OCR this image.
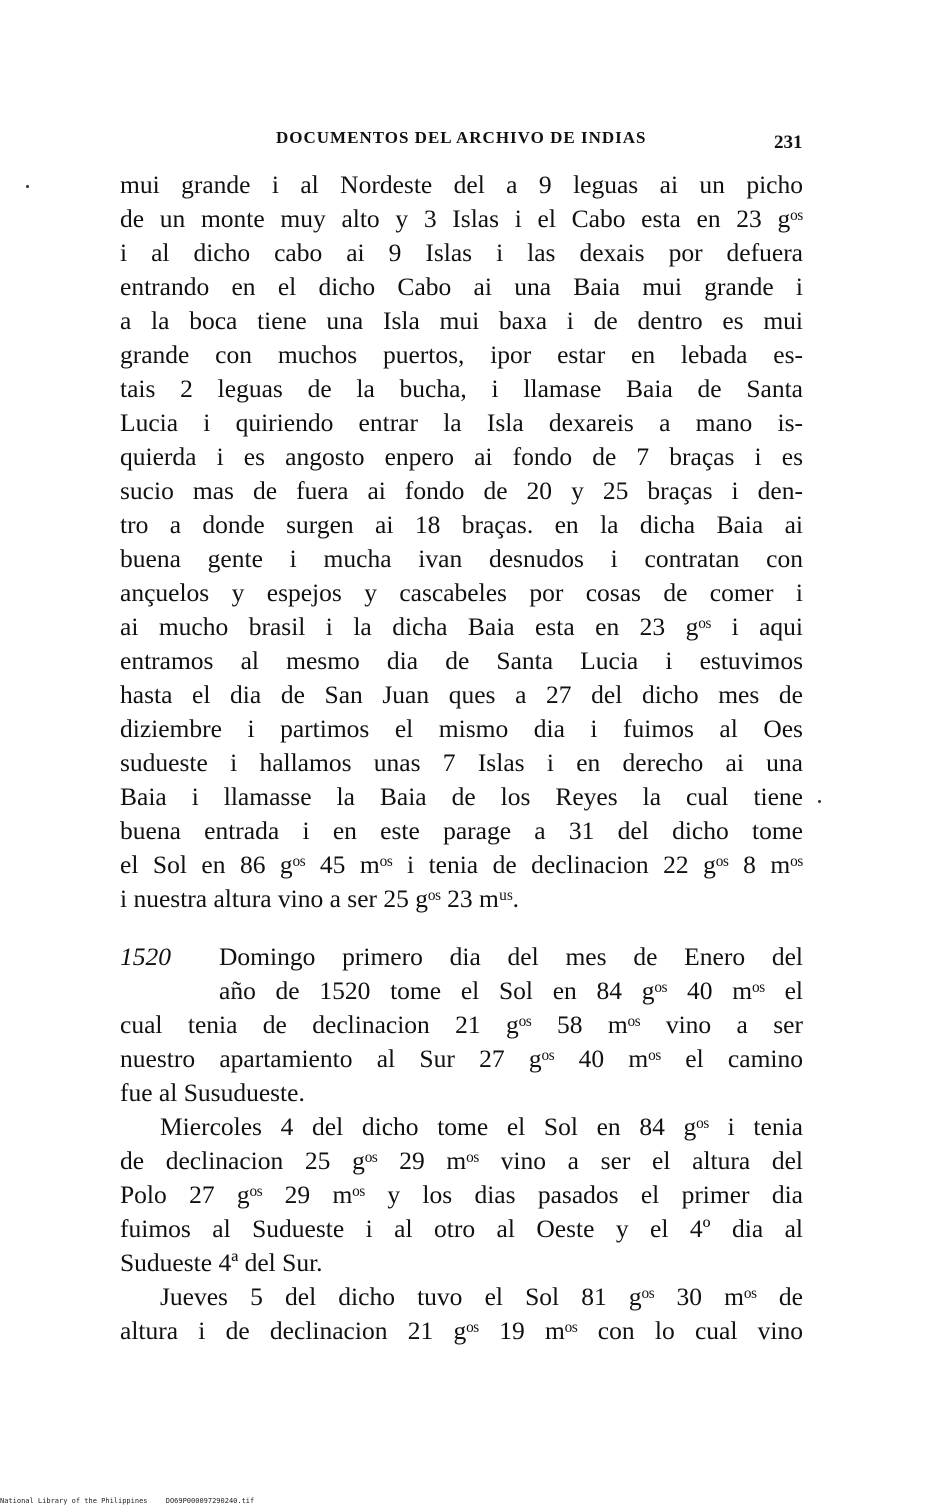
DOCUMENTOS DEL ARCHIVO DE INDIAS	231
mui grande i al Nordeste del a 9 leguas ai un picho
de un monte muy alto y 3 Islas i el Cabo esta en 23 gᵒˢ
i al dicho cabo ai 9 Islas i las dexais por defuera
entrando en el dicho Cabo ai una Baia mui grande i
a la boca tiene una Isla mui baxa i de dentro es mui
grande con muchos puertos, ipor estar en lebada es-
tais 2 leguas de la bucha, i llamase Baia de Santa
Lucia i quiriendo entrar la Isla dexareis a mano is-
quierda i es angosto enpero ai fondo de 7 braças i es
sucio mas de fuera ai fondo de 20 y 25 braças i den-
tro a donde surgen ai 18 braças. en la dicha Baia ai
buena gente i mucha ivan desnudos i contratan con
ançuelos y espejos y cascabeles por cosas de comer i
ai mucho brasil i la dicha Baia esta en 23 gᵒˢ i aqui
entramos al mesmo dia de Santa Lucia i estuvimos
hasta el dia de San Juan ques a 27 del dicho mes de
diziembre i partimos el mismo dia i fuimos al Oes
sudueste i hallamos unas 7 Islas i en derecho ai una
Baia i llamasse la Baia de los Reyes la cual tiene
buena entrada i en este parage a 31 del dicho tome
el Sol en 86 gᵒˢ 45 mᵒˢ i tenia de declinacion 22 gᵒˢ 8 mᵒˢ
i nuestra altura vino a ser 25 gᵒˢ 23 mᵘˢ.
1520 Domingo primero dia del mes de Enero del
año de 1520 tome el Sol en 84 gᵒˢ 40 mᵒˢ el
cual tenia de declinacion 21 gᵒˢ 58 mᵒˢ vino a ser
nuestro apartamiento al Sur 27 gᵒˢ 40 mᵒˢ el camino
fue al Susudueste.
Miercoles 4 del dicho tome el Sol en 84 gᵒˢ i tenia
de declinacion 25 gᵒˢ 29 mᵒˢ vino a ser el altura del
Polo 27 gᵒˢ 29 mᵒˢ y los dias pasados el primer dia
fuimos al Sudueste i al otro al Oeste y el 4º dia al
Sudueste 4ª del Sur.
Jueves 5 del dicho tuvo el Sol 81 gᵒˢ 30 mᵒˢ de
altura i de declinacion 21 gᵒˢ 19 mᵒˢ con lo cual vino
National Library of the Philippines	DO69P000097290240.tif
